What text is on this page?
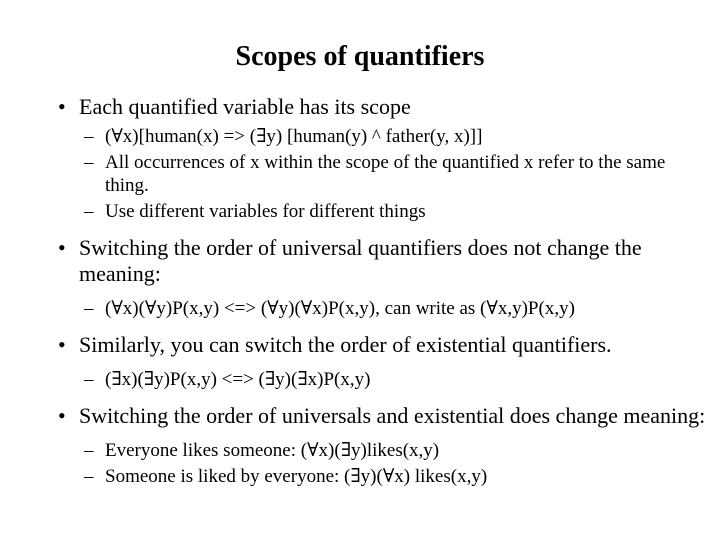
Scopes of quantifiers
• Each quantified variable has its scope
– (∀x)[human(x) => (∃y) [human(y) ^ father(y, x)]]
– All occurrences of x within the scope of the quantified x refer to the same thing.
– Use different variables for different things
• Switching the order of universal quantifiers does not change the meaning:
– (∀x)(∀y)P(x,y) <=> (∀y)(∀x)P(x,y), can write as (∀x,y)P(x,y)
• Similarly, you can switch the order of existential quantifiers.
– (∃x)(∃y)P(x,y) <=> (∃y)(∃x)P(x,y)
• Switching the order of universals and existential does change meaning:
– Everyone likes someone: (∀x)(∃y)likes(x,y)
– Someone is liked by everyone: (∃y)(∀x) likes(x,y)
